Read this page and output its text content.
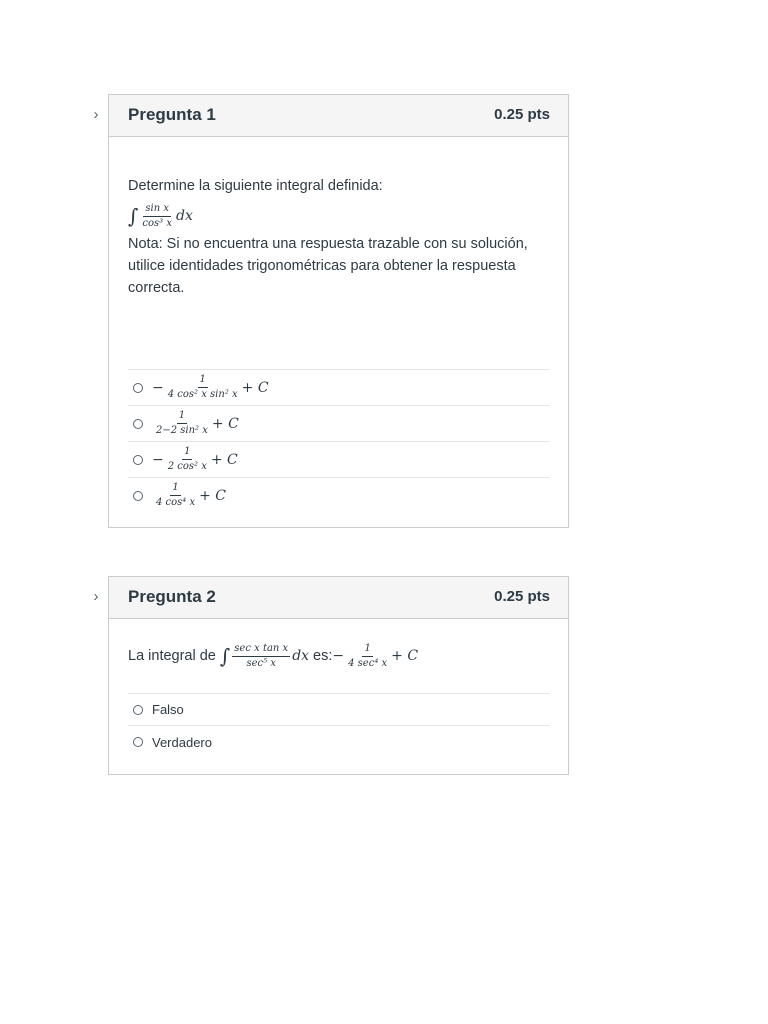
› Pregunta 1	0.25 pts
Determine la siguiente integral definida:
∫ $\frac{\text{sin x}}{\text{cos³ x}}$ dx
Nota: Si no encuentra una respuesta trazable con su solución, utilice identidades trigonométricas para obtener la respuesta correcta.
− $\frac{1}{\text{4 cos² x sin² x}} + C$
$\frac{1}{\text{2−2 sin² x}} + C$
− $\frac{1}{\text{2 cos² x}} + C$
$\frac{1}{\text{4 cos⁴ x}} + C$
› Pregunta 2	0.25 pts
La integral de ∫ $\frac{\text{sec x tan x}}{\text{sec⁵ x}}$ dx es: − $\frac{1}{\text{4 sec⁴ x}} + C$
Falso
Verdadero
